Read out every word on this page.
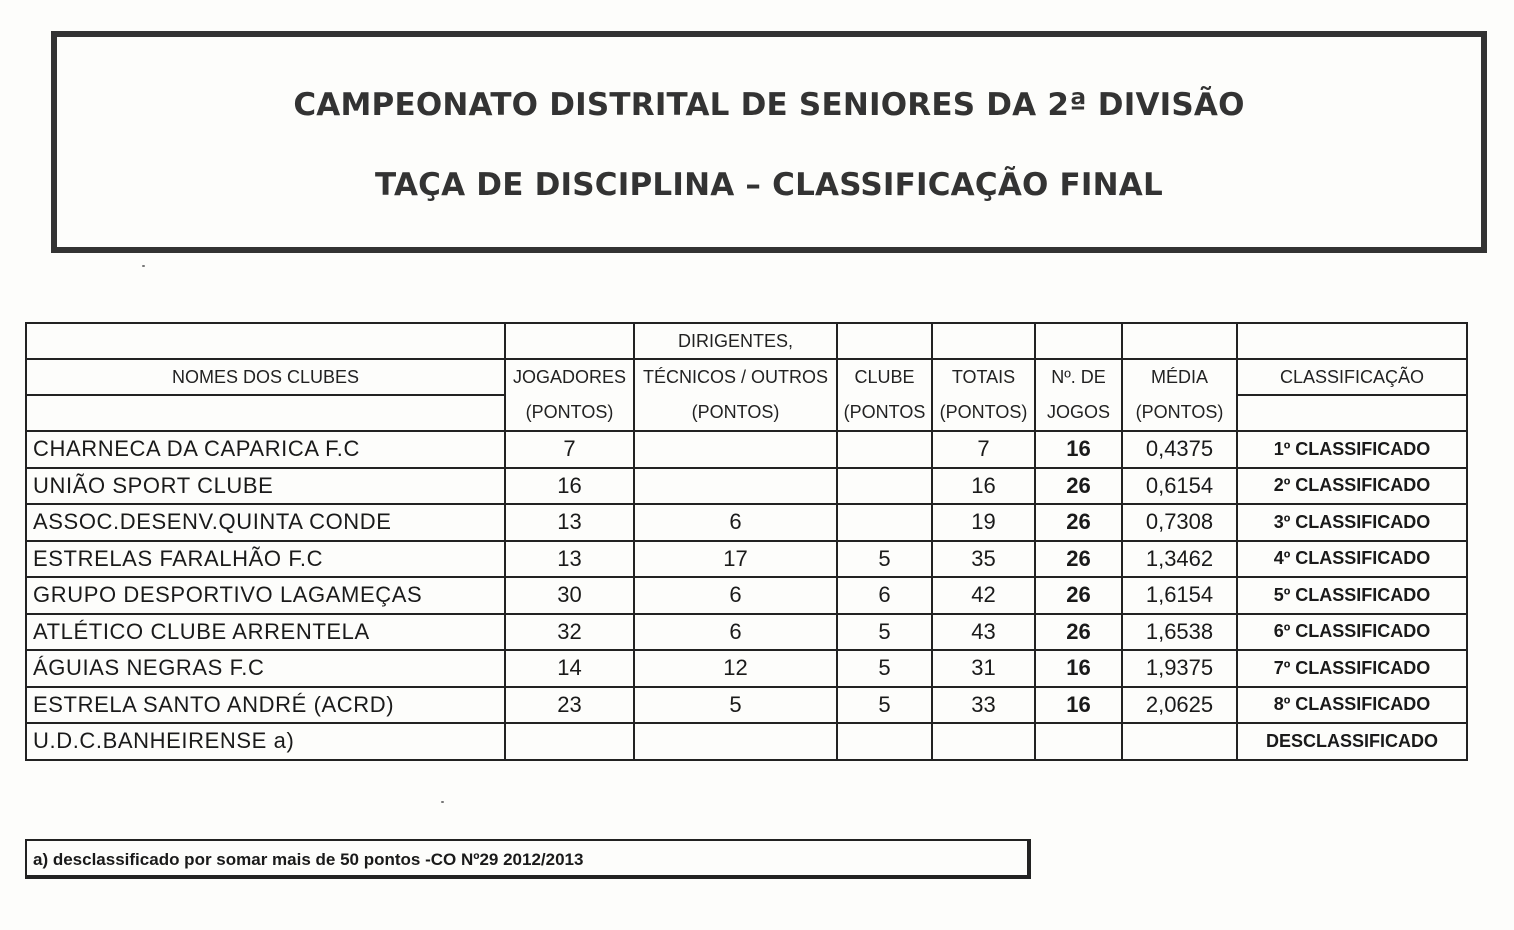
CAMPEONATO DISTRITAL DE SENIORES DA 2ª DIVISÃO
TAÇA DE DISCIPLINA – CLASSIFICAÇÃO FINAL
		DIRIGENTES,					
NOMES DOS CLUBES	JOGADORES	TÉCNICOS / OUTROS	CLUBE	TOTAIS	Nº. DE	MÉDIA	CLASSIFICAÇÃO
	(PONTOS)	(PONTOS)	(PONTOS	(PONTOS)	JOGOS	(PONTOS)	
CHARNECA DA CAPARICA F.C	7			7	16	0,4375	1º CLASSIFICADO
UNIÃO SPORT CLUBE	16			16	26	0,6154	2º CLASSIFICADO
ASSOC.DESENV.QUINTA CONDE	13	6		19	26	0,7308	3º CLASSIFICADO
ESTRELAS FARALHÃO F.C	13	17	5	35	26	1,3462	4º CLASSIFICADO
GRUPO DESPORTIVO LAGAMEÇAS	30	6	6	42	26	1,6154	5º CLASSIFICADO
ATLÉTICO CLUBE ARRENTELA	32	6	5	43	26	1,6538	6º CLASSIFICADO
ÁGUIAS NEGRAS F.C	14	12	5	31	16	1,9375	7º CLASSIFICADO
ESTRELA SANTO ANDRÉ (ACRD)	23	5	5	33	16	2,0625	8º CLASSIFICADO
U.D.C.BANHEIRENSE a)							DESCLASSIFICADO
a) desclassificado por somar mais de 50 pontos -CO Nº29 2012/2013
